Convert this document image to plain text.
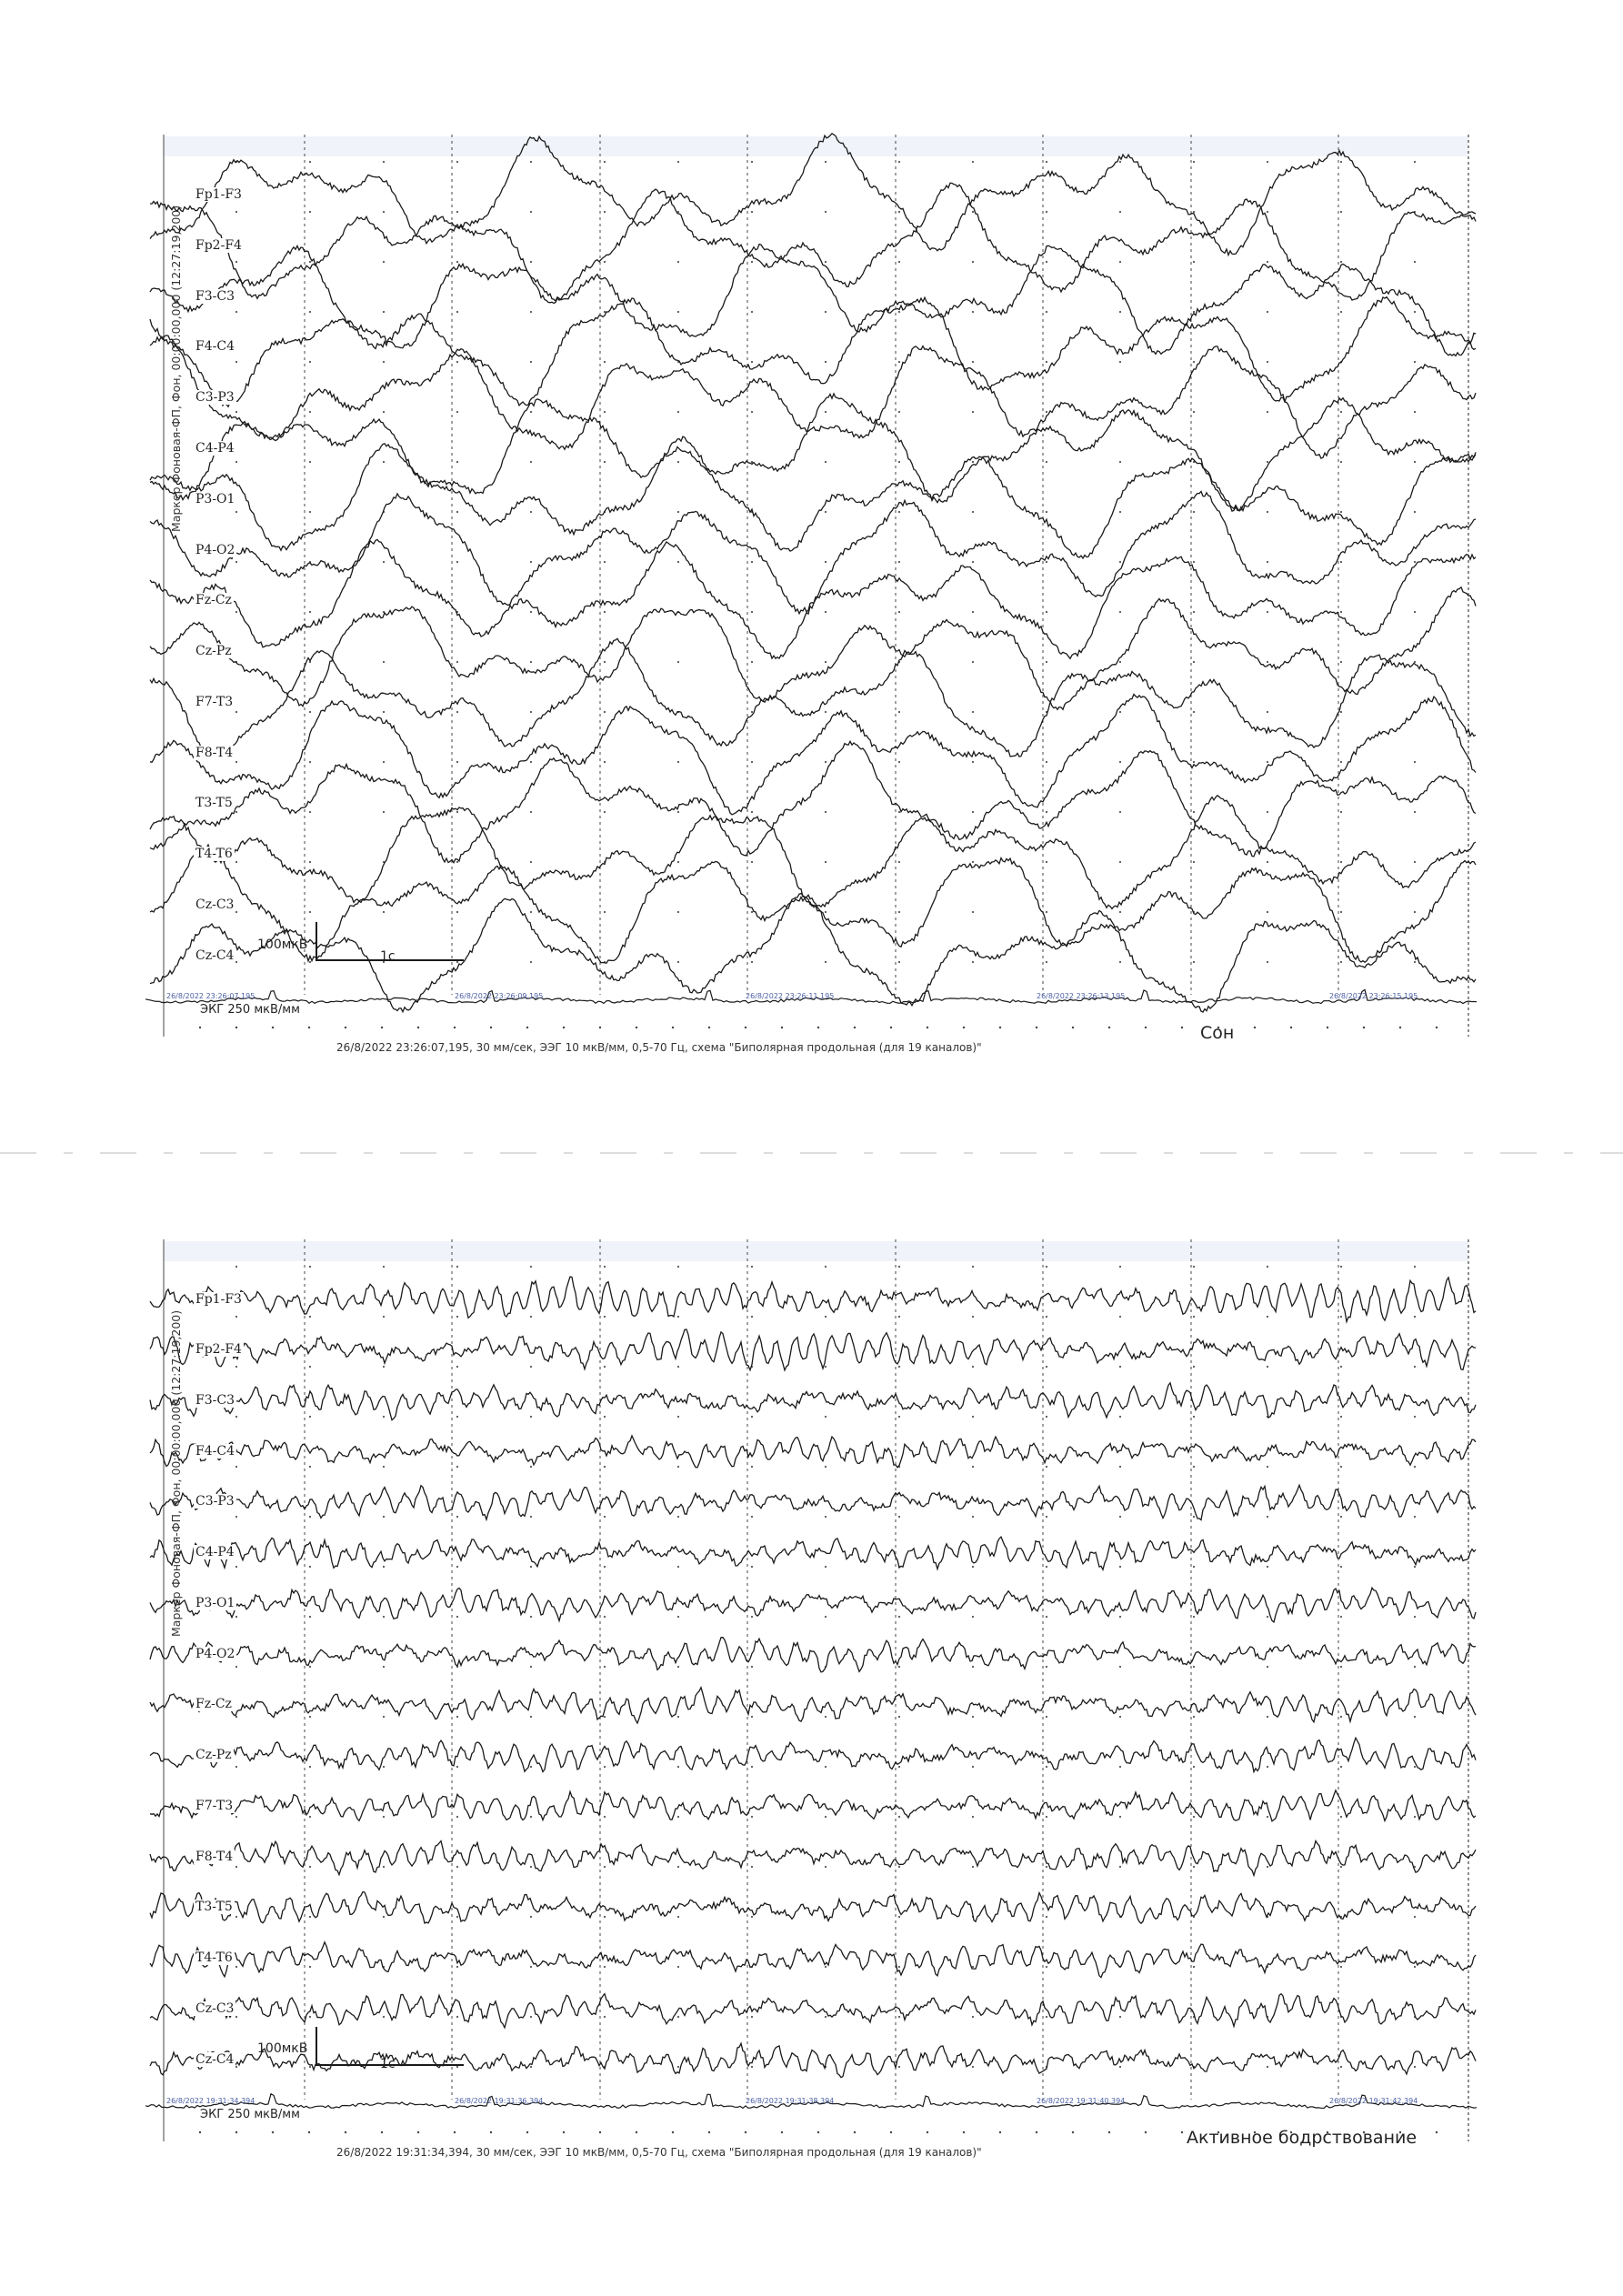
Маркер Фоновая-ФП, Фон, 00:00:00,000 (12:27:19,200)
Fp1-F3
Fp2-F4
F3-C3
F4-C4
C3-P3
C4-P4
P3-O1
P4-O2
Fz-Cz
Cz-Pz
F7-T3
F8-T4
T3-T5
T4-T6
Cz-C3
Cz-C4
100мкВ
1с
26/8/2022 23:26:07,195	26/8/2022 23:26:09,195	26/8/2022 23:26:11,195	26/8/2022 23:26:13,195	26/8/2022 23:26:15,195
ЭКГ 250 мкВ/мм
26/8/2022 23:26:07,195, 30 мм/сек, ЭЭГ 10 мкВ/мм, 0,5-70 Гц, схема "Биполярная продольная (для 19 каналов)"
Сон
Маркер Фоновая-ФП, Фон, 00:00:00,000 (12:27:19,200)
Fp1-F3
Fp2-F4
F3-C3
F4-C4
C3-P3
C4-P4
P3-O1
P4-O2
Fz-Cz
Cz-Pz
F7-T3
F8-T4
T3-T5
T4-T6
Cz-C3
Cz-C4
100мкВ
1с
26/8/2022 19:31:34,394	26/8/2022 19:31:36,394	26/8/2022 19:31:38,394	26/8/2022 19:31:40,394	26/8/2022 19:31:42,394
ЭКГ 250 мкВ/мм
26/8/2022 19:31:34,394, 30 мм/сек, ЭЭГ 10 мкВ/мм, 0,5-70 Гц, схема "Биполярная продольная (для 19 каналов)"
Активное бодрствование
